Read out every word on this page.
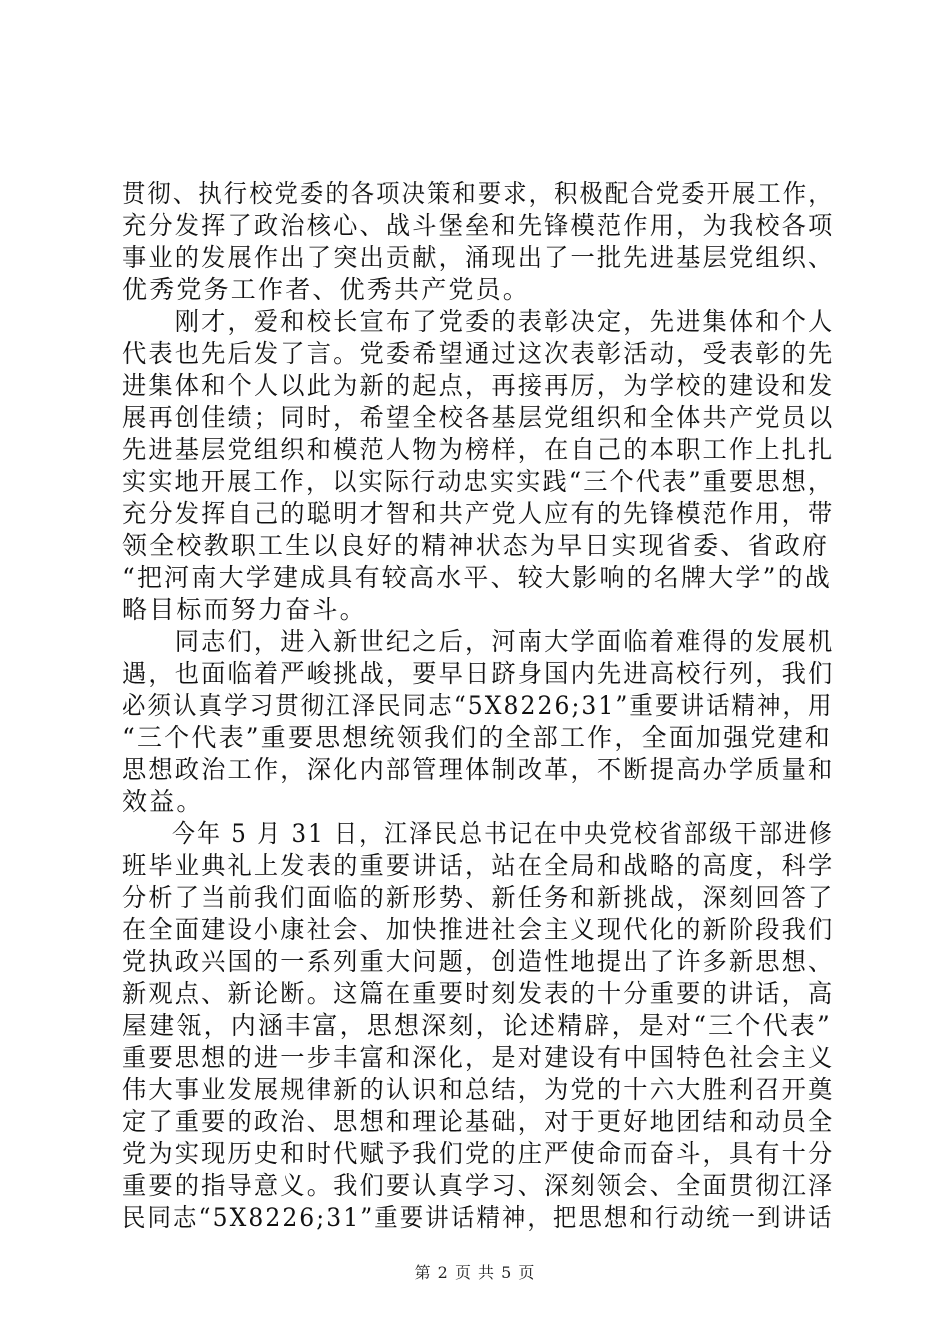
贯彻、执行校党委的各项决策和要求，积极配合党委开展工作，
充分发挥了政治核心、战斗堡垒和先锋模范作用，为我校各项
事业的发展作出了突出贡献，涌现出了一批先进基层党组织、
优秀党务工作者、优秀共产党员。
　　刚才，爱和校长宣布了党委的表彰决定，先进集体和个人
代表也先后发了言。党委希望通过这次表彰活动，受表彰的先
进集体和个人以此为新的起点，再接再厉，为学校的建设和发
展再创佳绩；同时，希望全校各基层党组织和全体共产党员以
先进基层党组织和模范人物为榜样，在自己的本职工作上扎扎
实实地开展工作，以实际行动忠实实践“三个代表”重要思想，
充分发挥自己的聪明才智和共产党人应有的先锋模范作用，带
领全校教职工生以良好的精神状态为早日实现省委、省政府
“把河南大学建成具有较高水平、较大影响的名牌大学”的战
略目标而努力奋斗。
　　同志们，进入新世纪之后，河南大学面临着难得的发展机
遇，也面临着严峻挑战，要早日跻身国内先进高校行列，我们
必须认真学习贯彻江泽民同志“5X8226;31”重要讲话精神，用
“三个代表”重要思想统领我们的全部工作，全面加强党建和
思想政治工作，深化内部管理体制改革，不断提高办学质量和
效益。
　　今年 5 月 31 日，江泽民总书记在中央党校省部级干部进修
班毕业典礼上发表的重要讲话，站在全局和战略的高度，科学
分析了当前我们面临的新形势、新任务和新挑战，深刻回答了
在全面建设小康社会、加快推进社会主义现代化的新阶段我们
党执政兴国的一系列重大问题，创造性地提出了许多新思想、
新观点、新论断。这篇在重要时刻发表的十分重要的讲话，高
屋建瓴，内涵丰富，思想深刻，论述精辟，是对“三个代表”
重要思想的进一步丰富和深化，是对建设有中国特色社会主义
伟大事业发展规律新的认识和总结，为党的十六大胜利召开奠
定了重要的政治、思想和理论基础，对于更好地团结和动员全
党为实现历史和时代赋予我们党的庄严使命而奋斗，具有十分
重要的指导意义。我们要认真学习、深刻领会、全面贯彻江泽
民同志“5X8226;31”重要讲话精神，把思想和行动统一到讲话
第 2 页 共 5 页
